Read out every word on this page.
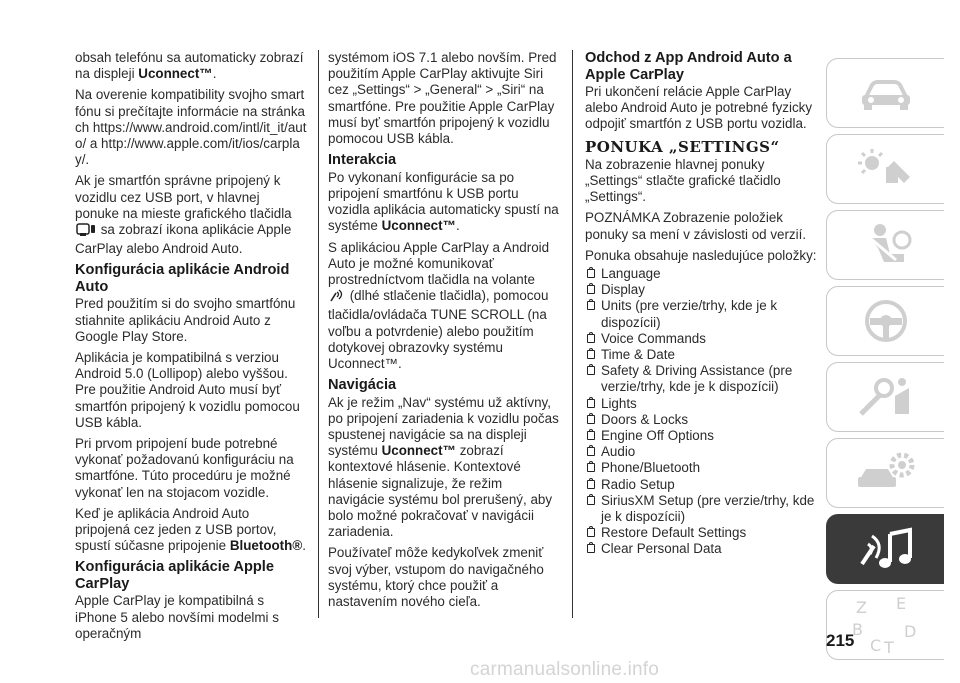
obsah telefónu sa automaticky zobrazí na displeji Uconnect™.

Na overenie kompatibility svojho smartfónu si prečítajte informácie na stránkach https://www.android.com/intl/it_it/auto/ a http://www.apple.com/it/ios/carplay/.

Ak je smartfón správne pripojený k vozidlu cez USB port, v hlavnej ponuke na mieste grafického tlačidla  sa zobrazí ikona aplikácie Apple CarPlay alebo Android Auto.

Konfigurácia aplikácie Android Auto

Pred použitím si do svojho smartfónu stiahnite aplikáciu Android Auto z Google Play Store.

Aplikácia je kompatibilná s verziou Android 5.0 (Lollipop) alebo vyššou. Pre použitie Android Auto musí byť smartfón pripojený k vozidlu pomocou USB kábla.

Pri prvom pripojení bude potrebné vykonať požadovanú konfiguráciu na smartfóne. Túto procedúru je možné vykonať len na stojacom vozidle.

Keď je aplikácia Android Auto pripojená cez jeden z USB portov, spustí súčasne pripojenie Bluetooth®.

Konfigurácia aplikácie Apple CarPlay

Apple CarPlay je kompatibilná s iPhone 5 alebo novšími modelmi s operačným

systémom iOS 7.1 alebo novším. Pred použitím Apple CarPlay aktivujte Siri cez „Settings“ > „General“ > „Siri“ na smartfóne. Pre použitie Apple CarPlay musí byť smartfón pripojený k vozidlu pomocou USB kábla.

Interakcia

Po vykonaní konfigurácie sa po pripojení smartfónu k USB portu vozidla aplikácia automaticky spustí na systéme Uconnect™.

S aplikáciou Apple CarPlay a Android Auto je možné komunikovať prostredníctvom tlačidla na volante
(dlhé stlačenie tlačidla), pomocou tlačidla/ovládača TUNE SCROLL (na voľbu a potvrdenie) alebo použitím dotykovej obrazovky systému Uconnect™.

Navigácia

Ak je režim „Nav“ systému už aktívny, po pripojení zariadenia k vozidlu počas spustenej navigácie sa na displeji systému Uconnect™ zobrazí kontextové hlásenie. Kontextové hlásenie signalizuje, že režim navigácie systému bol prerušený, aby bolo možné pokračovať v navigácii zariadenia.

Používateľ môže kedykoľvek zmeniť svoj výber, vstupom do navigačného systému, ktorý chce použiť a nastavením nového cieľa.

Odchod z App Android Auto a Apple CarPlay

Pri ukončení relácie Apple CarPlay alebo Android Auto je potrebné fyzicky odpojiť smartfón z USB portu vozidla.

PONUKA „SETTINGS“

Na zobrazenie hlavnej ponuky „Settings“ stlačte grafické tlačidlo „Settings“.

POZNÁMKA Zobrazenie položiek ponuky sa mení v závislosti od verzií.

Ponuka obsahuje nasledujúce položky:

Language
Display
Units (pre verzie/trhy, kde je k dispozícii)
Voice Commands
Time & Date
Safety & Driving Assistance (pre verzie/trhy, kde je k dispozícii)
Lights
Doors & Locks
Engine Off Options
Audio
Phone/Bluetooth
Radio Setup
SiriusXM Setup (pre verzie/trhy, kde je k dispozícii)
Restore Default Settings
Clear Personal Data
Z E
B
C T
D
215
carmanualsonline.info
